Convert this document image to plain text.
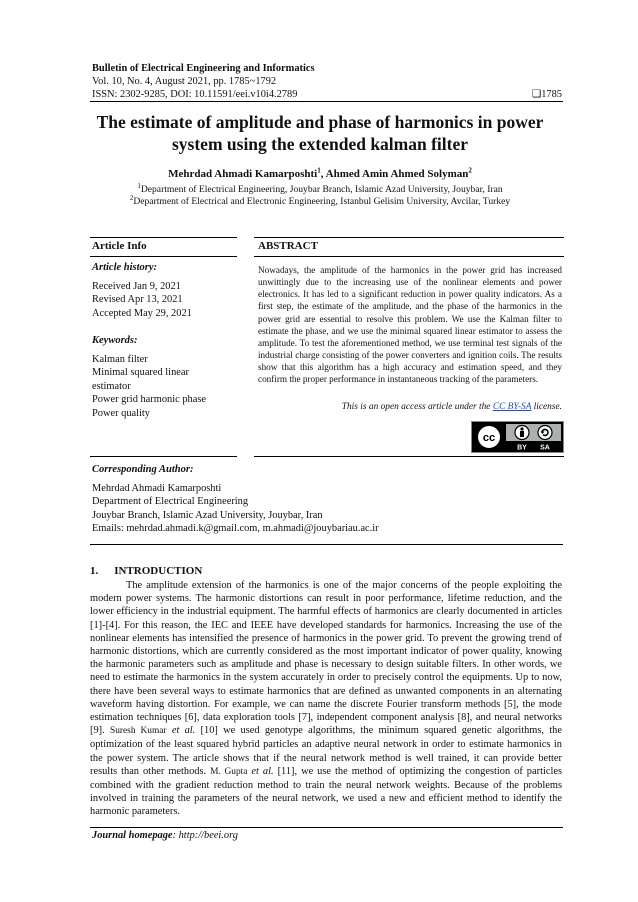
Bulletin of Electrical Engineering and Informatics
Vol. 10, No. 4, August 2021, pp. 1785~1792
ISSN: 2302-9285, DOI: 10.11591/eei.v10i4.2789	❏1785
The estimate of amplitude and phase of harmonics in power
system using the extended kalman filter
Mehrdad Ahmadi Kamarposhti$^1$, Ahmed Amin Ahmed Solyman$^2$
$^1$Department of Electrical Engineering, Jouybar Branch, Islamic Azad University, Jouybar, Iran
$^2$Department of Electrical and Electronic Engineering, Istanbul Gelisim University, Avcilar, Turkey
Article Info
Article history:
Received Jan 9, 2021
Revised Apr 13, 2021
Accepted May 29, 2021
Keywords:
Kalman filter
Minimal squared linear
estimator
Power grid harmonic phase
Power quality
ABSTRACT
Nowadays, the amplitude of the harmonics in the power grid has increased unwittingly due to the increasing use of the nonlinear elements and power electronics. It has led to a significant reduction in power quality indicators. As a first step, the estimate of the amplitude, and the phase of the harmonics in the power grid are essential to resolve this problem. We use the Kalman filter to estimate the phase, and we use the minimal squared linear estimator to assess the amplitude. To test the aforementioned method, we use terminal test signals of the industrial charge consisting of the power converters and ignition coils. The results show that this algorithm has a high accuracy and estimation speed, and they confirm the proper performance in instantaneous tracking of the parameters.
This is an open access article under the CC BY-SA license.
cc
BY SA
Corresponding Author:
Mehrdad Ahmadi Kamarposhti
Department of Electrical Engineering
Jouybar Branch, Islamic Azad University, Jouybar, Iran
Emails: mehrdad.ahmadi.k@gmail.com, m.ahmadi@jouybariau.ac.ir
1. INTRODUCTION
The amplitude extension of the harmonics is one of the major concerns of the people exploiting the modern power systems. The harmonic distortions can result in poor performance, lifetime reduction, and the lower efficiency in the industrial equipment. The harmful effects of harmonics are clearly documented in articles [1]-[4]. For this reason, the IEC and IEEE have developed standards for harmonics. Increasing the use of the nonlinear elements has intensified the presence of harmonics in the power grid. To prevent the growing trend of harmonic distortions, which are currently considered as the most important indicator of power quality, knowing the harmonic parameters such as amplitude and phase is necessary to design suitable filters. In other words, we need to estimate the harmonics in the system accurately in order to precisely control the equipments. Up to now, there have been several ways to estimate harmonics that are defined as unwanted components in an alternating waveform having distortion. For example, we can name the discrete Fourier transform methods [5], the mode estimation techniques [6], data exploration tools [7], independent component analysis [8], and neural networks [9]. Suresh Kumar et al. [10] we used genotype algorithms, the minimum squared genetic algorithms, the optimization of the least squared hybrid particles an adaptive neural network in order to estimate harmonics in the power system. The article shows that if the neural network method is well trained, it can provide better results than other methods. M. Gupta et al. [11], we use the method of optimizing the congestion of particles combined with the gradient reduction method to train the neural network weights. Because of the problems involved in training the parameters of the neural network, we used a new and efficient method to identify the harmonic parameters.
Journal homepage: http://beei.org
